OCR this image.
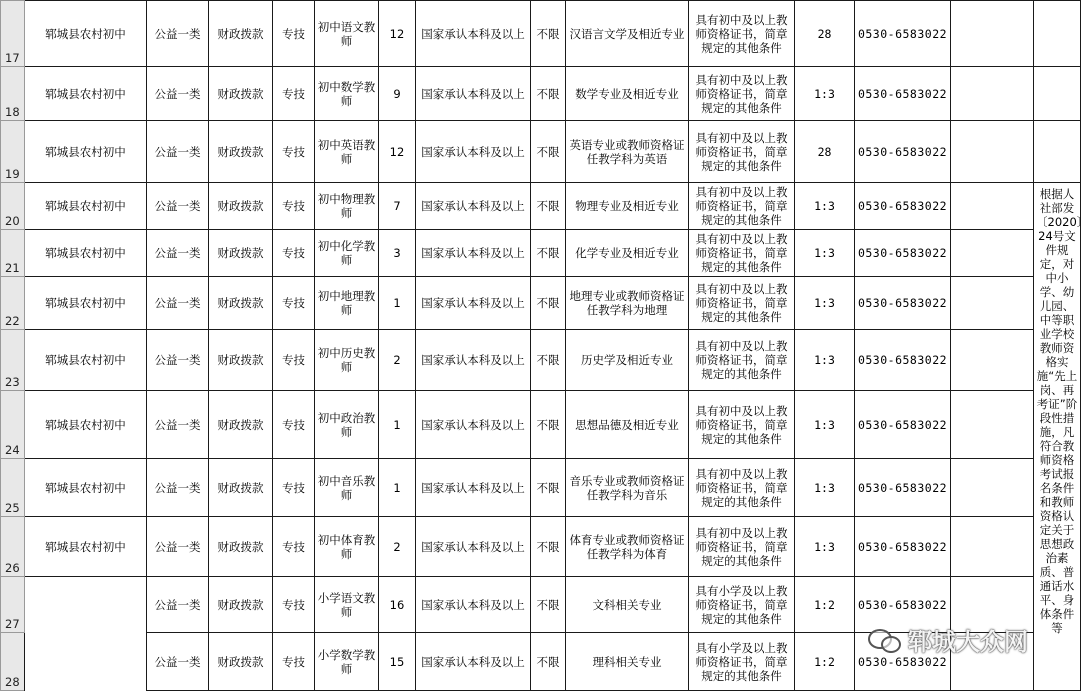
17	郓城县农村初中	公益一类	财政拨款	专技	初中语文教师	12	国家承认本科及以上	不限	汉语言文学及相近专业	具有初中及以上教师资格证书，简章规定的其他条件	28	0530-6583022		
18	郓城县农村初中	公益一类	财政拨款	专技	初中数学教师	9	国家承认本科及以上	不限	数学专业及相近专业	具有初中及以上教师资格证书，简章规定的其他条件	1:3	0530-6583022		
19	郓城县农村初中	公益一类	财政拨款	专技	初中英语教师	12	国家承认本科及以上	不限	英语专业或教师资格证任教学科为英语	具有初中及以上教师资格证书，简章规定的其他条件	28	0530-6583022		
20	郓城县农村初中	公益一类	财政拨款	专技	初中物理教师	7	国家承认本科及以上	不限	物理专业及相近专业	具有初中及以上教师资格证书，简章规定的其他条件	1:3	0530-6583022		根据人社部发〔2020〕24号文件规定，对中小学、幼儿园、中等职业学校教师资格实施“先上岗、再考证”阶段性措施，凡符合教师资格考试报名条件和教师资格认定关于思想政治素质、普通话水平、身体条件等
21	郓城县农村初中	公益一类	财政拨款	专技	初中化学教师	3	国家承认本科及以上	不限	化学专业及相近专业	具有初中及以上教师资格证书，简章规定的其他条件	1:3	0530-6583022		
22	郓城县农村初中	公益一类	财政拨款	专技	初中地理教师	1	国家承认本科及以上	不限	地理专业或教师资格证任教学科为地理	具有初中及以上教师资格证书，简章规定的其他条件	1:3	0530-6583022		
23	郓城县农村初中	公益一类	财政拨款	专技	初中历史教师	2	国家承认本科及以上	不限	历史学及相近专业	具有初中及以上教师资格证书，简章规定的其他条件	1:3	0530-6583022		
24	郓城县农村初中	公益一类	财政拨款	专技	初中政治教师	1	国家承认本科及以上	不限	思想品德及相近专业	具有初中及以上教师资格证书，简章规定的其他条件	1:3	0530-6583022		
25	郓城县农村初中	公益一类	财政拨款	专技	初中音乐教师	1	国家承认本科及以上	不限	音乐专业或教师资格证任教学科为音乐	具有初中及以上教师资格证书，简章规定的其他条件	1:3	0530-6583022		
26	郓城县农村初中	公益一类	财政拨款	专技	初中体育教师	2	国家承认本科及以上	不限	体育专业或教师资格证任教学科为体育	具有初中及以上教师资格证书，简章规定的其他条件	1:3	0530-6583022		
27		公益一类	财政拨款	专技	小学语文教师	16	国家承认本科及以上	不限	文科相关专业	具有小学及以上教师资格证书，简章规定的其他条件	1:2	0530-6583022		
28		公益一类	财政拨款	专技	小学数学教师	15	国家承认本科及以上	不限	理科相关专业	具有小学及以上教师资格证书，简章规定的其他条件	1:2	0530-6583022		
郓城大众网
